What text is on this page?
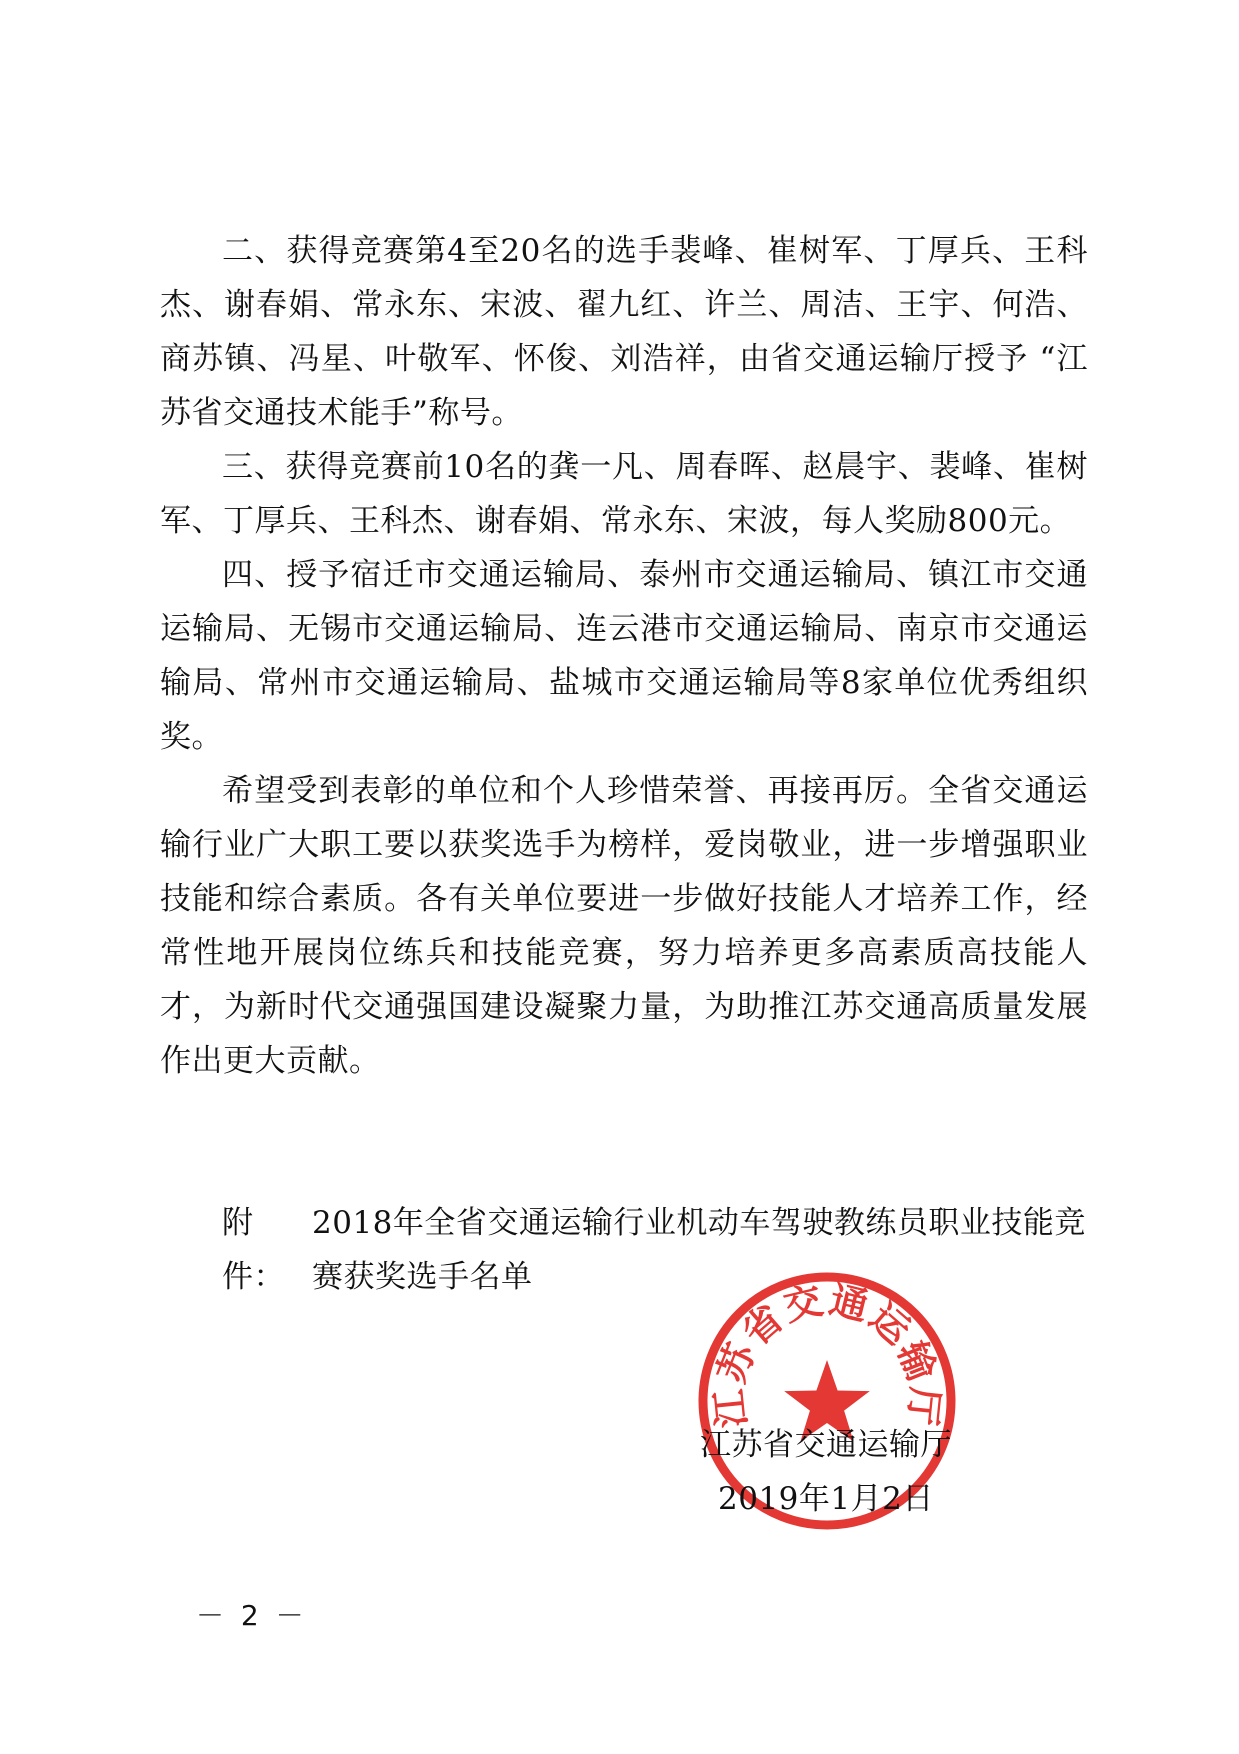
二、获得竞赛第4至20名的选手裴峰、崔树军、丁厚兵、王科杰、谢春娟、常永东、宋波、翟九红、许兰、周洁、王宇、何浩、商苏镇、冯星、叶敬军、怀俊、刘浩祥，由省交通运输厅授予 “江苏省交通技术能手”称号。

三、获得竞赛前10名的龚一凡、周春晖、赵晨宇、裴峰、崔树军、丁厚兵、王科杰、谢春娟、常永东、宋波，每人奖励800元。

四、授予宿迁市交通运输局、泰州市交通运输局、镇江市交通运输局、无锡市交通运输局、连云港市交通运输局、南京市交通运输局、常州市交通运输局、盐城市交通运输局等8家单位优秀组织奖。

希望受到表彰的单位和个人珍惜荣誉、再接再厉。全省交通运输行业广大职工要以获奖选手为榜样，爱岗敬业，进一步增强职业技能和综合素质。各有关单位要进一步做好技能人才培养工作，经常性地开展岗位练兵和技能竞赛，努力培养更多高素质高技能人才，为新时代交通强国建设凝聚力量，为助推江苏交通高质量发展作出更大贡献。

附件：
2018年全省交通运输行业机动车驾驶教练员职业技能竞赛获奖选手名单
江苏省交通运输厅
江苏省交通运输厅
2019年1月2日
－ 2 －
